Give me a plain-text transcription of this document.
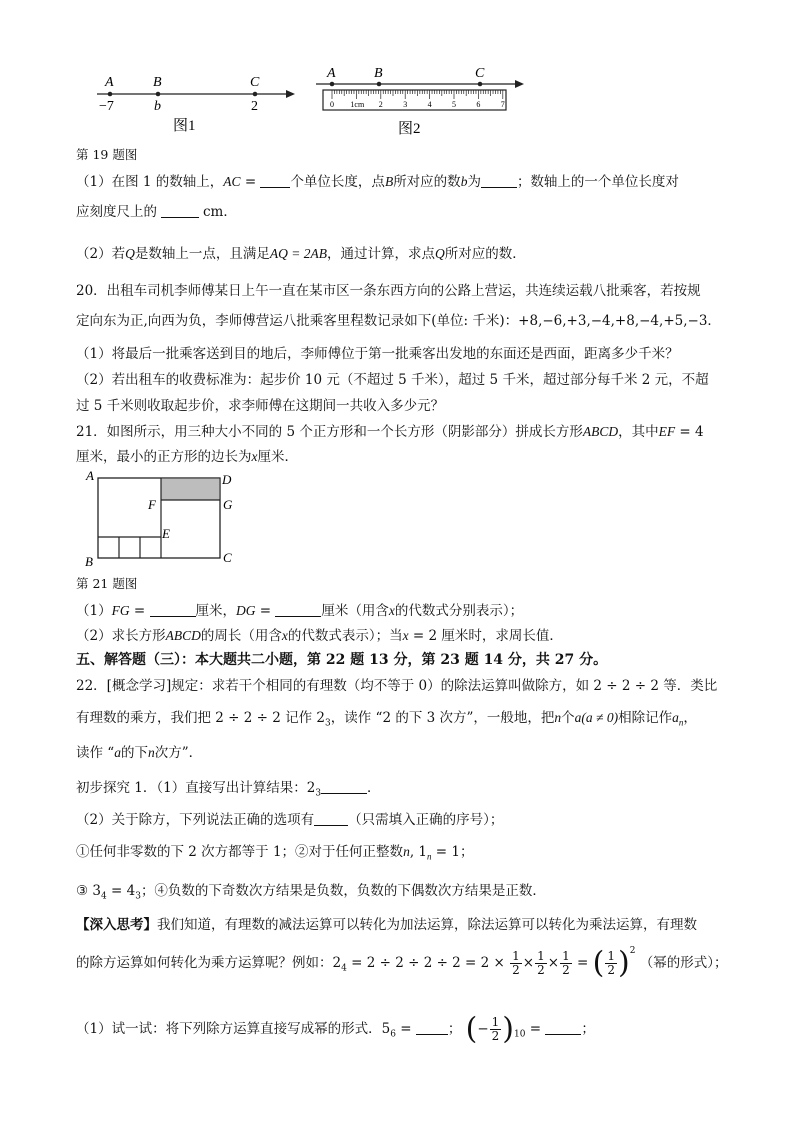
A	B	C
−7	b	2
图1
A	B	C
0 1cm 2	3	4	5	6	7
图2
第 19 题图
（1）在图 1 的数轴上，AC = 个单位长度，点B所对应的数b为	；数轴上的一个单位长度对
应刻度尺上的	cm．
（2）若Q是数轴上一点，且满足AQ = 2AB，通过计算，求点Q所对应的数．
20．出租车司机李师傅某日上午一直在某市区一条东西方向的公路上营运，共连续运载八批乘客，若按规
定向东为正,向西为负，李师傅营运八批乘客里程数记录如下(单位: 千米)：+8,−6,+3,−4,+8,−4,+5,−3．
（1）将最后一批乘客送到目的地后，李师傅位于第一批乘客出发地的东面还是西面，距离多少千米？
（2）若出租车的收费标准为：起步价 10 元（不超过 5 千米），超过 5 千米，超过部分每千米 2 元，不超
过 5 千米则收取起步价，求李师傅在这期间一共收入多少元？
21．如图所示，用三种大小不同的 5 个正方形和一个长方形（阴影部分）拼成长方形ABCD，其中EF = 4
厘米，最小的正方形的边长为x厘米．
A	D
F	G
E
B	C
第 21 题图
（1）FG =	厘米，DG =	厘米（用含x的代数式分别表示）；
（2）求长方形ABCD的周长（用含x的代数式表示）；当x = 2 厘米时，求周长值．
五、解答题（三）：本大题共二小题，第 22 题 13 分，第 23 题 14 分，共 27 分。
22．[概念学习]规定：求若干个相同的有理数（均不等于 0）的除法运算叫做除方，如 2 ÷ 2 ÷ 2 等．类比
有理数的乘方，我们把 2 ÷ 2 ÷ 2 记作 $2_3$，读作 “2 的下 3 次方”，一般地，把n个a(a ≠ 0)相除记作$a_n$，
读作 “a的下n次方”．
初步探究 1．（1）直接写出计算结果：$2_3$	．
（2）关于除方，下列说法正确的选项有	（只需填入正确的序号）；
①任何非零数的下 2 次方都等于 1；②对于任何正整数n, $1_n = 1$；
③ $3_4 = 4_3$；④负数的下奇数次方结果是负数，负数的下偶数次方结果是正数．
【深入思考】我们知道，有理数的减法运算可以转化为加法运算，除法运算可以转化为乘法运算，有理数
的除方运算如何转化为乘方运算呢？例如：$2_4 = 2 \div 2 \div 2 \div 2 = 2 \times \frac{1}{2} \times \frac{1}{2} \times \frac{1}{2}$ = ( $\frac{1}{2} )^2$ （幂的形式）；
（1）试一试：将下列除方运算直接写成幂的形式．$5_6$ = ； (− $\frac{1}{2} )_{10}$ =	；
